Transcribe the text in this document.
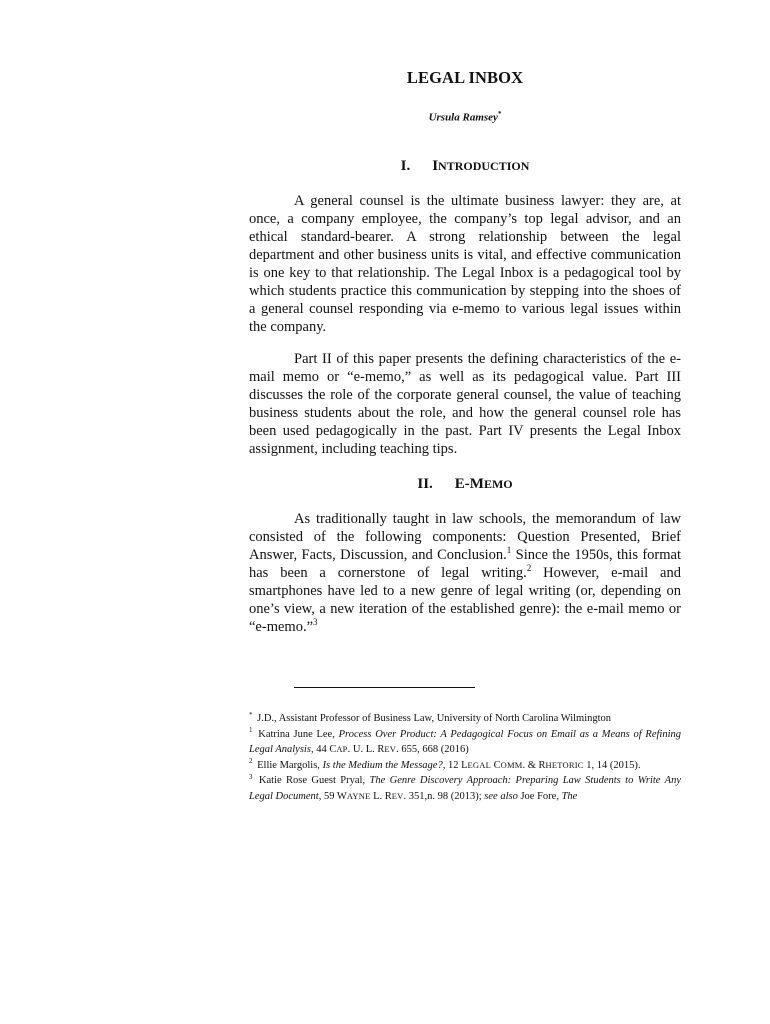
LEGAL INBOX
Ursula Ramsey*
I. INTRODUCTION

A general counsel is the ultimate business lawyer: they are, at once, a company employee, the company’s top legal advisor, and an ethical standard-bearer. A strong relationship between the legal department and other business units is vital, and effective communication is one key to that relationship. The Legal Inbox is a pedagogical tool by which students practice this communication by stepping into the shoes of a general counsel responding via e-memo to various legal issues within the company.

Part II of this paper presents the defining characteristics of the e-mail memo or “e-memo,” as well as its pedagogical value. Part III discusses the role of the corporate general counsel, the value of teaching business students about the role, and how the general counsel role has been used pedagogically in the past. Part IV presents the Legal Inbox assignment, including teaching tips.

II. E-MEMO

As traditionally taught in law schools, the memorandum of law consisted of the following components: Question Presented, Brief Answer, Facts, Discussion, and Conclusion.$^1$ Since the 1950s, this format has been a cornerstone of legal writing.$^2$ However, e-mail and smartphones have led to a new genre of legal writing (or, depending on one’s view, a new iteration of the established genre): the e-mail memo or “e-memo.”$^3$

* J.D., Assistant Professor of Business Law, University of North Carolina Wilmington

$^1$ Katrina June Lee, Process Over Product: A Pedagogical Focus on Email as a Means of Refining Legal Analysis, 44 CAP. U. L. REV. 655, 668 (2016)

$^2$ Ellie Margolis, Is the Medium the Message?, 12 LEGAL COMM. & RHETORIC 1, 14 (2015).

$^3$ Katie Rose Guest Pryal, The Genre Discovery Approach: Preparing Law Students to Write Any Legal Document, 59 WAYNE L. REV. 351,n. 98 (2013); see also Joe Fore, The
